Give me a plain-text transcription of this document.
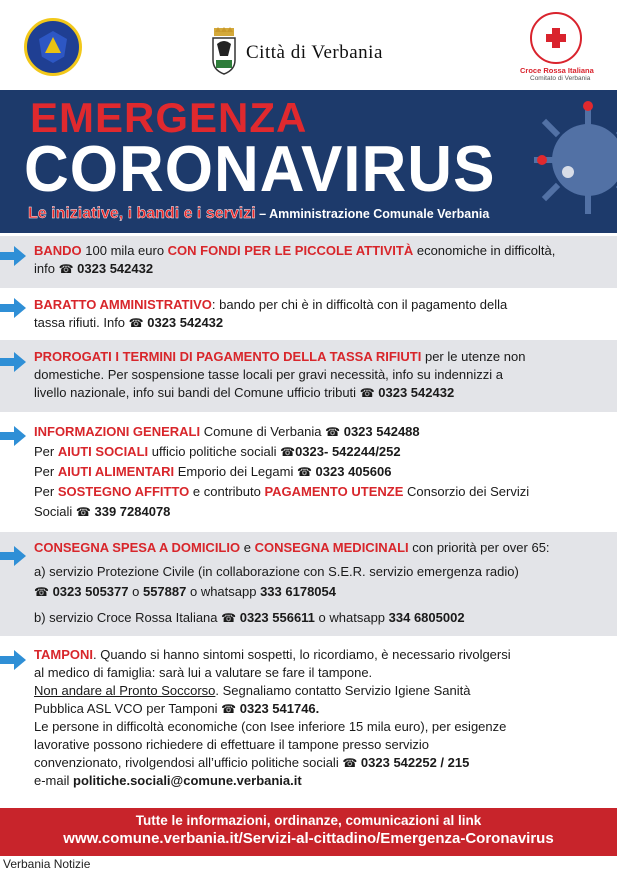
Città di Verbania
Croce Rossa Italiana
Comitato di Verbania
EMERGENZA
CORONAVIRUS
Le iniziative, i bandi e i servizi – Amministrazione Comunale Verbania
BANDO 100 mila euro CON FONDI PER LE PICCOLE ATTIVITÀ economiche in difficoltà,
info ☎ 0323 542432
BARATTO AMMINISTRATIVO: bando per chi è in difficoltà con il pagamento della
tassa rifiuti. Info ☎ 0323 542432
PROROGATI I TERMINI DI PAGAMENTO DELLA TASSA RIFIUTI per le utenze non
domestiche. Per sospensione tasse locali per gravi necessità, info su indennizzi a
livello nazionale, info sui bandi del Comune ufficio tributi ☎ 0323 542432
INFORMAZIONI GENERALI Comune di Verbania ☎ 0323 542488
Per AIUTI SOCIALI ufficio politiche sociali ☎0323- 542244/252
Per AIUTI ALIMENTARI Emporio dei Legami ☎ 0323 405606
Per SOSTEGNO AFFITTO e contributo PAGAMENTO UTENZE Consorzio dei Servizi
Sociali ☎ 339 7284078
CONSEGNA SPESA A DOMICILIO e CONSEGNA MEDICINALI con priorità per over 65:
a) servizio Protezione Civile (in collaborazione con S.E.R. servizio emergenza radio)
☎ 0323 505377 o 557887 o whatsapp 333 6178054
b) servizio Croce Rossa Italiana ☎ 0323 556611 o whatsapp 334 6805002
TAMPONI. Quando si hanno sintomi sospetti, lo ricordiamo, è necessario rivolgersi
al medico di famiglia: sarà lui a valutare se fare il tampone.
Non andare al Pronto Soccorso. Segnaliamo contatto Servizio Igiene Sanità
Pubblica ASL VCO per Tamponi ☎ 0323 541746.
Le persone in difficoltà economiche (con Isee inferiore 15 mila euro), per esigenze
lavorative possono richiedere di effettuare il tampone presso servizio
convenzionato, rivolgendosi all’ufficio politiche sociali ☎ 0323 542252 / 215
e-mail politiche.sociali@comune.verbania.it
Tutte le informazioni, ordinanze, comunicazioni al link
www.comune.verbania.it/Servizi-al-cittadino/Emergenza-Coronavirus
Verbania Notizie
